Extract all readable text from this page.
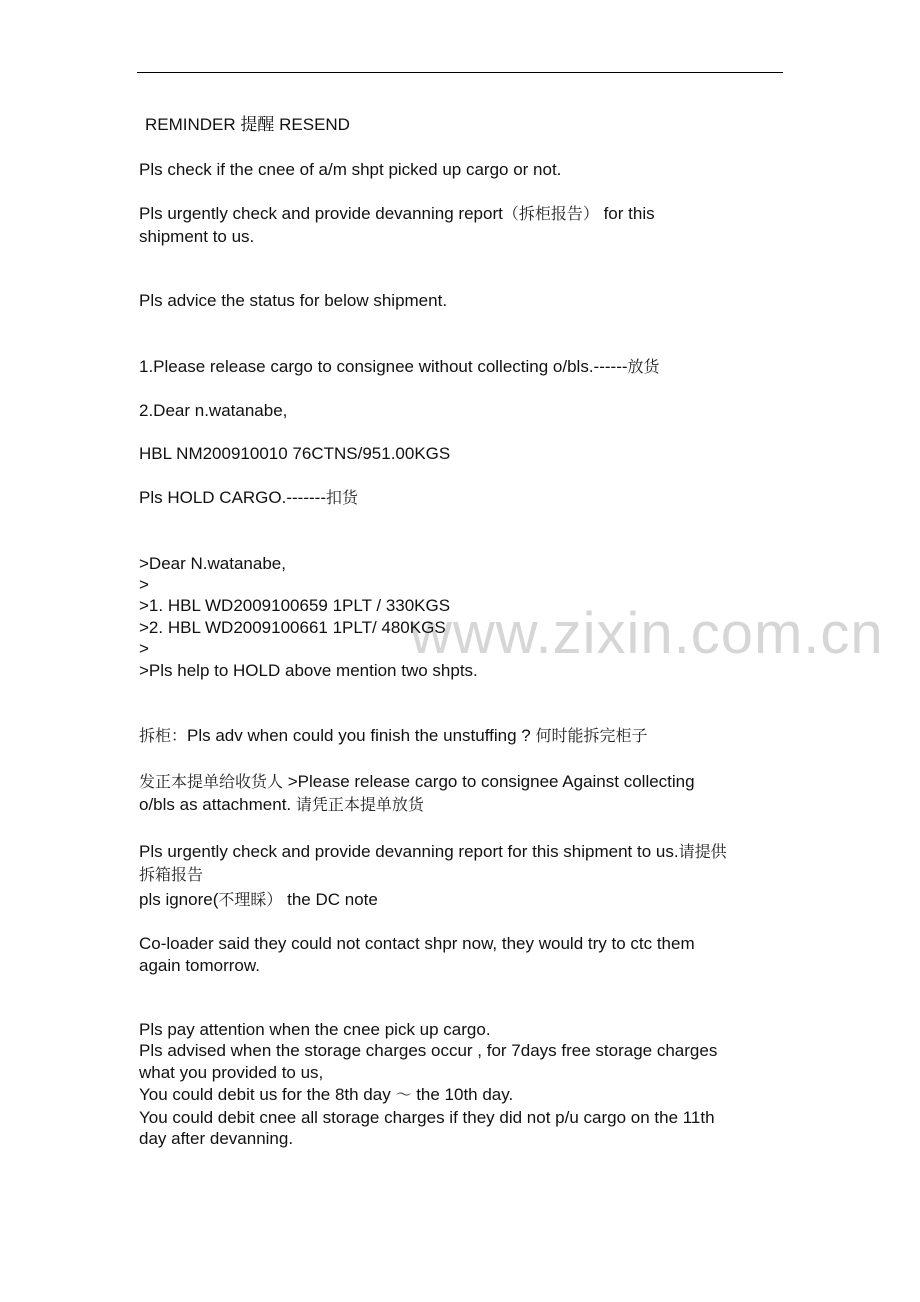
www.zixin.com.cn
REMINDER 提醒 RESEND
Pls check if the cnee of a/m shpt picked up cargo or not.
Pls urgently check and provide devanning report（拆柜报告） for this
shipment to us.
Pls advice the status for below shipment.
1.Please release cargo to consignee without collecting o/bls.------放货
2.Dear n.watanabe,
HBL NM200910010 76CTNS/951.00KGS
Pls HOLD CARGO.-------扣货
>Dear N.watanabe,
>
>1. HBL WD2009100659 1PLT / 330KGS
>2. HBL WD2009100661 1PLT/ 480KGS
>
>Pls help to HOLD above mention two shpts.
拆柜：Pls adv when could you finish the unstuffing ? 何时能拆完柜子
发正本提单给收货人 >Please release cargo to consignee Against collecting
o/bls as attachment. 请凭正本提单放货
Pls urgently check and provide devanning report for this shipment to us.请提供
拆箱报告
pls ignore(不理睬） the DC note
Co-loader said they could not contact shpr now, they would try to ctc them
again tomorrow.
Pls pay attention when the cnee pick up cargo.
Pls advised when the storage charges occur , for 7days free storage charges
what you provided to us,
You could debit us for the 8th day ～ the 10th day.
You could debit cnee all storage charges if they did not p/u cargo on the 11th
day after devanning.
